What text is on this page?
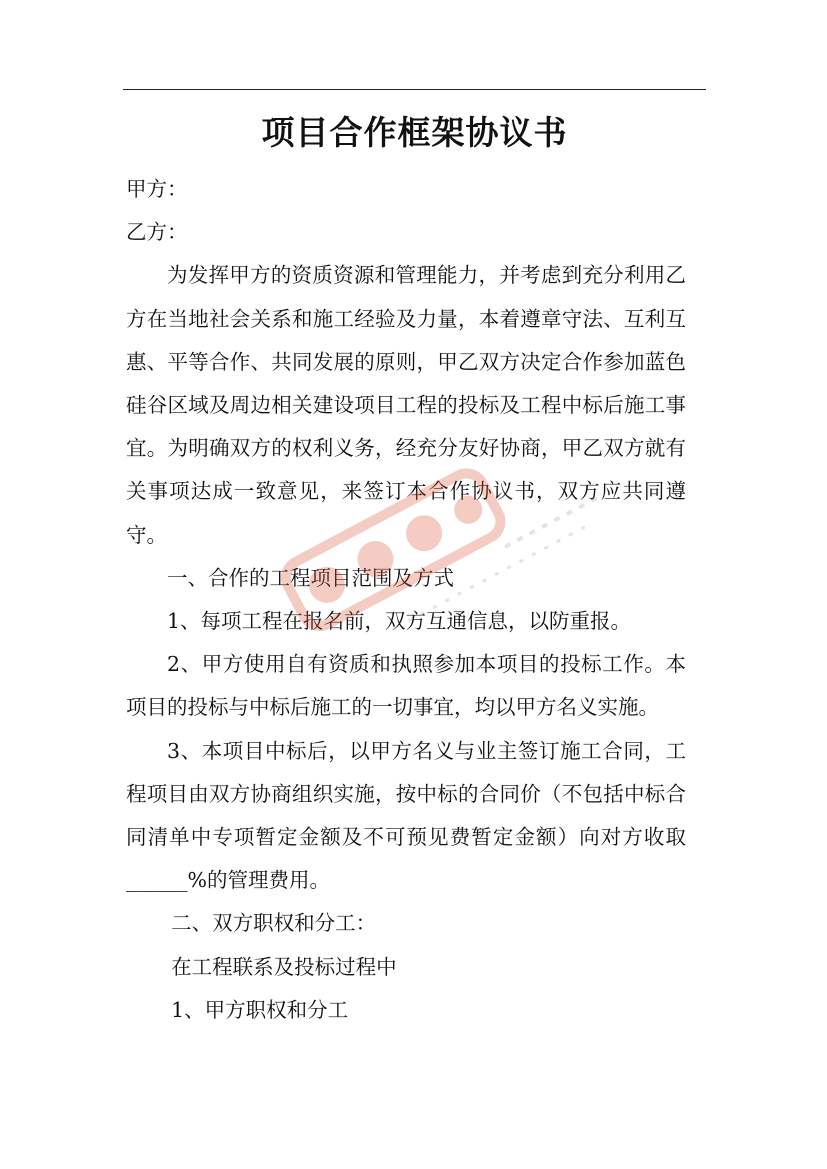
项目合作框架协议书

甲方：

乙方：

为发挥甲方的资质资源和管理能力，并考虑到充分利用乙方在当地社会关系和施工经验及力量，本着遵章守法、互利互惠、平等合作、共同发展的原则，甲乙双方决定合作参加蓝色硅谷区域及周边相关建设项目工程的投标及工程中标后施工事宜。为明确双方的权利义务，经充分友好协商，甲乙双方就有关事项达成一致意见，来签订本合作协议书，双方应共同遵守。

一、合作的工程项目范围及方式

1、每项工程在报名前，双方互通信息，以防重报。

2、甲方使用自有资质和执照参加本项目的投标工作。本项目的投标与中标后施工的一切事宜，均以甲方名义实施。

3、本项目中标后，以甲方名义与业主签订施工合同，工程项目由双方协商组织实施，按中标的合同价（不包括中标合同清单中专项暂定金额及不可预见费暂定金额）向对方收取______%的管理费用。

二、双方职权和分工：

在工程联系及投标过程中

1、甲方职权和分工
